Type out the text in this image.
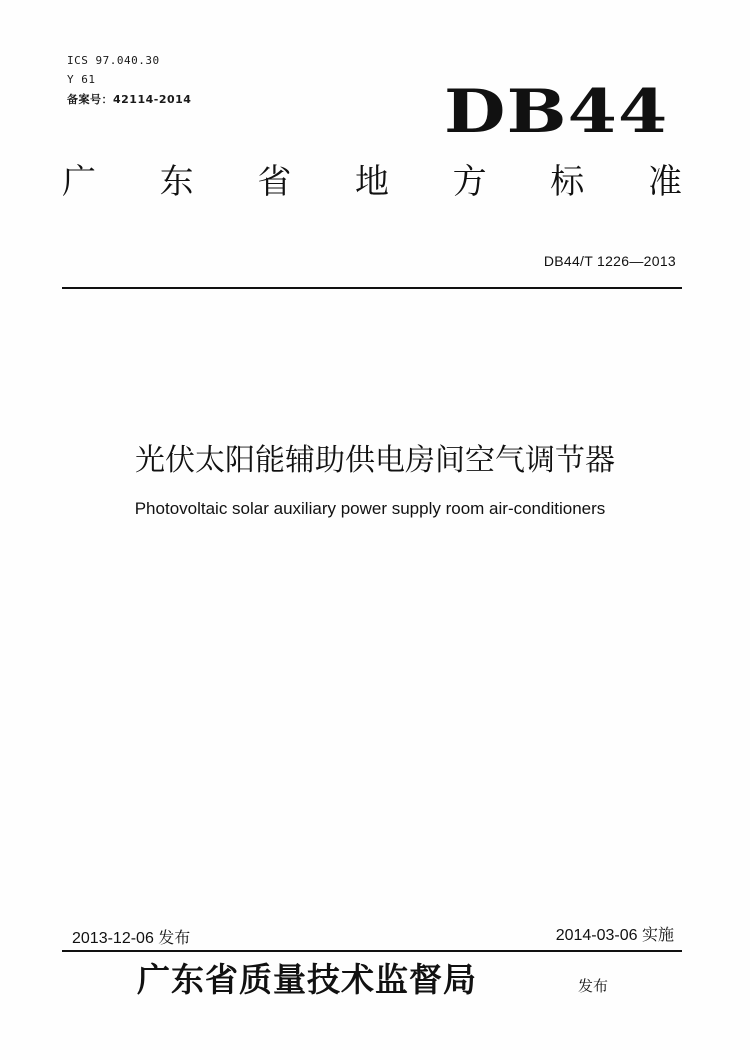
ICS 97.040.30
Y 61
备案号：42114-2014	DB44
广 东 省 地 方 标 准
DB44/T 1226—2013
光伏太阳能辅助供电房间空气调节器
Photovoltaic solar auxiliary power supply room air-conditioners
2013-12-06 发布	2014-03-06 实施
广东省质量技术监督局	发布
